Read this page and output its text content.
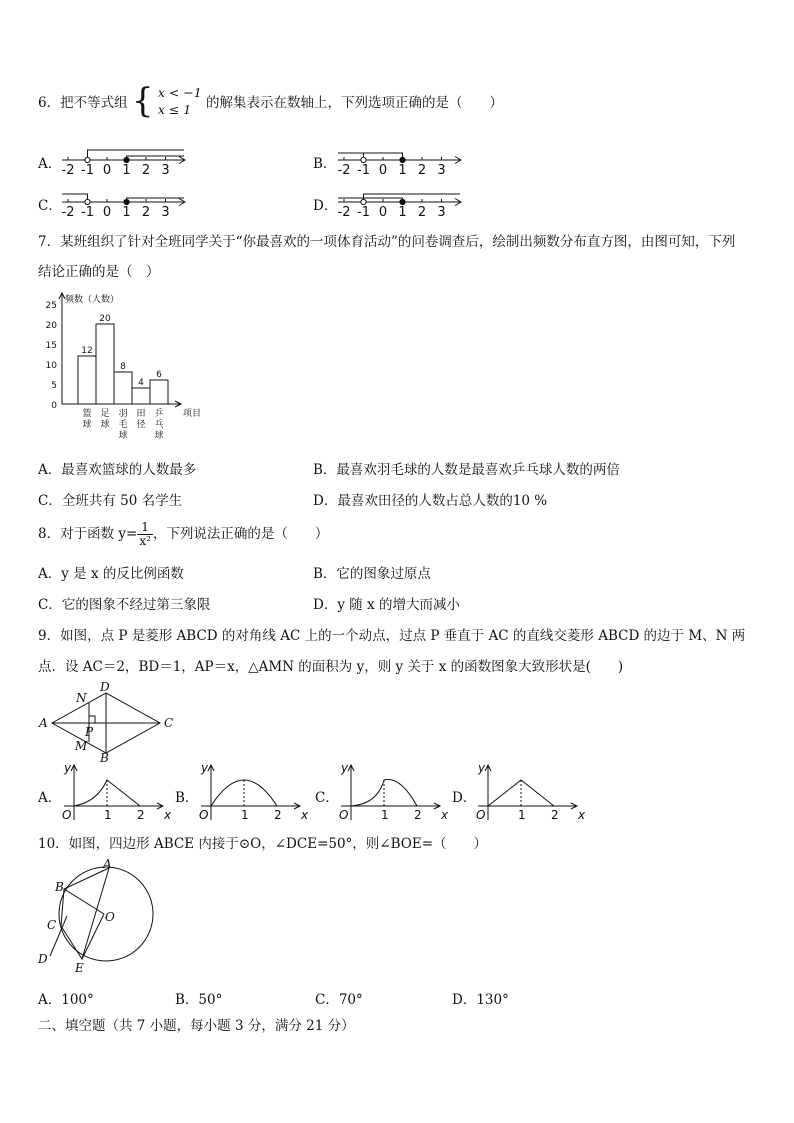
6．把不等式组 { x < −1
x ≤ 1	的解集表示在数轴上，下列选项正确的是（　　）
A． -2 -1 0 1 2 3	B． -2 -1 0 1 2 3
C． -2 -1 0 1 2 3	D． -2 -1 0 1 2 3
7．某班组织了针对全班同学关于“你最喜欢的一项体育活动”的问卷调查后，绘制出频数分布直方图，由图可知，下列
结论正确的是（　）
0
5
10
15
20
25
频数（人数）
项目
12
篮球
20
足球
8
羽毛球
4
田径
6
乒乓球
A．最喜欢篮球的人数最多	B．最喜欢羽毛球的人数是最喜欢乒乓球人数的两倍
C．全班共有 50 名学生	D．最喜欢田径的人数占总人数的10 %
8．对于函数 $y= \frac{1}{\text{x²}}$ ，下列说法正确的是（　　）
A．y 是 x 的反比例函数	B．它的图象过原点
C．它的图象不经过第三象限	D．y 随 x 的增大而减小
9．如图，点 P 是菱形 ABCD 的对角线 AC 上的一个动点，过点 P 垂直于 AC 的直线交菱形 ABCD 的边于 M、N 两
点．设 AC＝2，BD＝1，AP＝x，△AMN 的面积为 y，则 y 关于 x 的函数图象大致形状是(　　)
A
B
C
D
N
M
P
A．
y
O	1 2 x
B．
y
O	1 2 x
C．
y
O	1 2 x
D．
y
O	1 2 x
10．如图，四边形 ABCE 内接于⊙O，∠DCE=50°，则∠BOE=（　　）
A
B
C
O
D
E
A．100°	B．50°	C．70°	D．130°
二、填空题（共 7 小题，每小题 3 分，满分 21 分）
